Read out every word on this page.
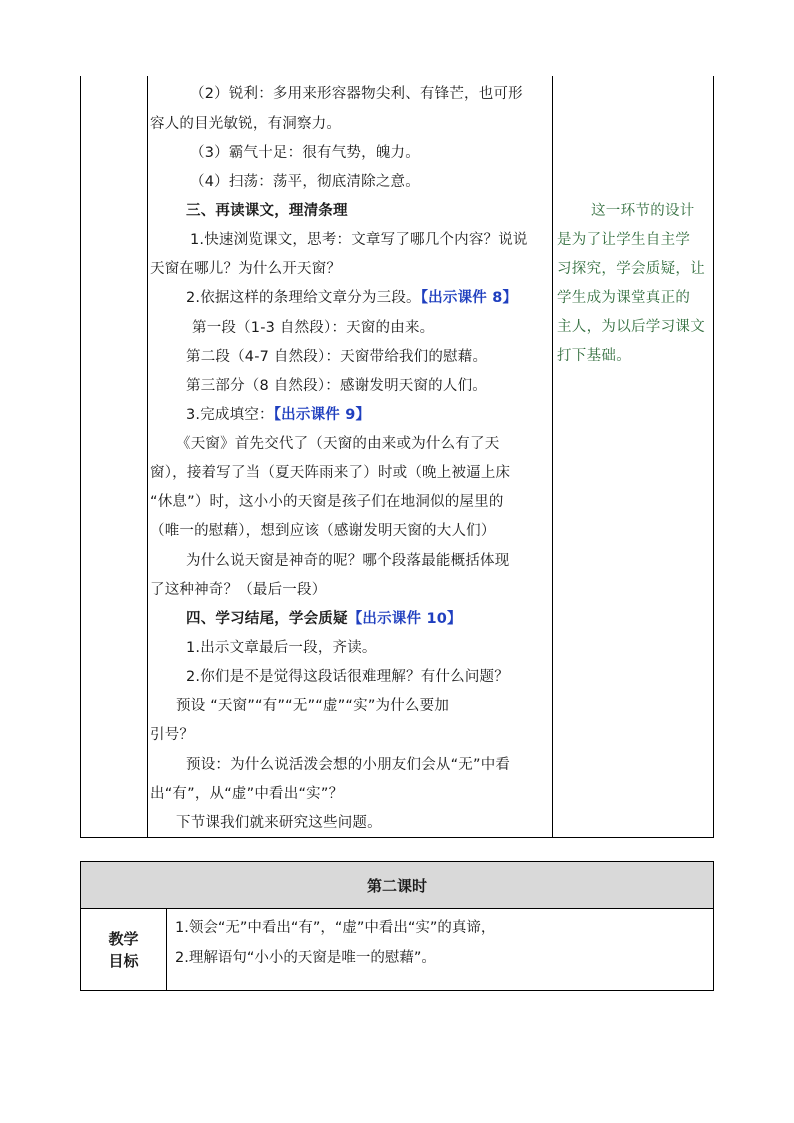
（2）锐利：多用来形容器物尖利、有锋芒，也可形
容人的目光敏锐，有洞察力。
（3）霸气十足：很有气势，魄力。
（4）扫荡：荡平，彻底清除之意。
三、再读课文，理清条理
1.快速浏览课文，思考：文章写了哪几个内容？说说
天窗在哪儿？为什么开天窗？
2.依据这样的条理给文章分为三段。【出示课件 8】
第一段（1-3 自然段）：天窗的由来。
第二段（4-7 自然段）：天窗带给我们的慰藉。
第三部分（8 自然段）：感谢发明天窗的人们。
3.完成填空：【出示课件 9】
《天窗》首先交代了（天窗的由来或为什么有了天
窗），接着写了当（夏天阵雨来了）时或（晚上被逼上床
“休息”）时，这小小的天窗是孩子们在地洞似的屋里的
（唯一的慰藉），想到应该（感谢发明天窗的大人们）
为什么说天窗是神奇的呢？哪个段落最能概括体现
了这种神奇？（最后一段）
四、学习结尾，学会质疑【出示课件 10】
1.出示文章最后一段，齐读。
2.你们是不是觉得这段话很难理解？有什么问题？
预设 “天窗”“有”“无”“虚”“实”为什么要加
引号？
预设：为什么说活泼会想的小朋友们会从“无”中看
出“有”，从“虚”中看出“实”？
下节课我们就来研究这些问题。
这一环节的设计
是为了让学生自主学
习探究，学会质疑，让
学生成为课堂真正的
主人，为以后学习课文
打下基础。
第二课时
教学
目标
1.领会“无”中看出“有”，“虚”中看出“实”的真谛，
2.理解语句“小小的天窗是唯一的慰藉”。
